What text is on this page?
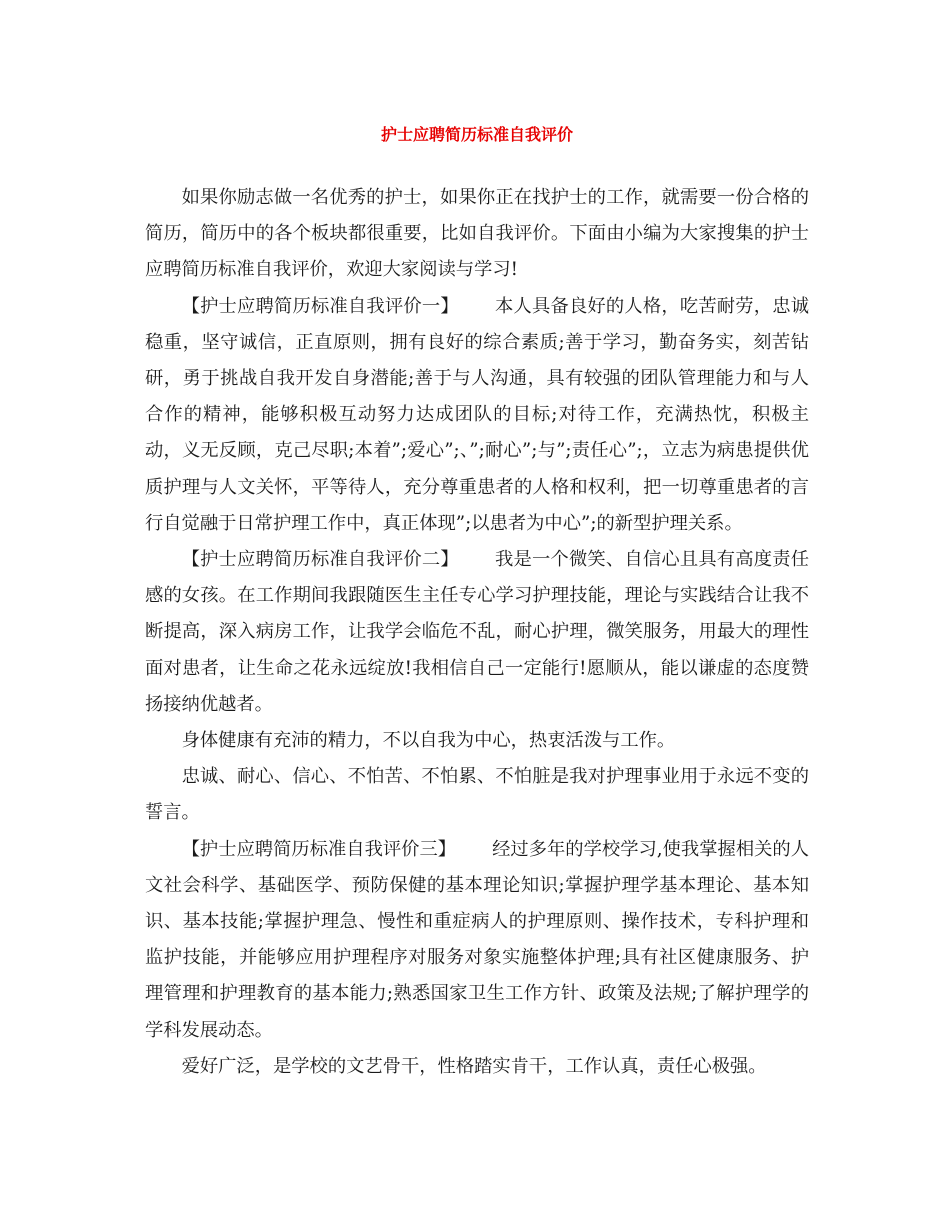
护士应聘简历标准自我评价

如果你励志做一名优秀的护士，如果你正在找护士的工作，就需要一份合格的简历，简历中的各个板块都很重要，比如自我评价。下面由小编为大家搜集的护士应聘简历标准自我评价，欢迎大家阅读与学习!

【护士应聘简历标准自我评价一】 本人具备良好的人格，吃苦耐劳，忠诚稳重，坚守诚信，正直原则，拥有良好的综合素质;善于学习，勤奋务实，刻苦钻研，勇于挑战自我开发自身潜能;善于与人沟通，具有较强的团队管理能力和与人合作的精神，能够积极互动努力达成团队的目标;对待工作，充满热忱，积极主动，义无反顾，克己尽职;本着”;爱心”;、”;耐心”;与”;责任心”;，立志为病患提供优质护理与人文关怀，平等待人，充分尊重患者的人格和权利，把一切尊重患者的言行自觉融于日常护理工作中，真正体现”;以患者为中心”;的新型护理关系。

【护士应聘简历标准自我评价二】 我是一个微笑、自信心且具有高度责任感的女孩。在工作期间我跟随医生主任专心学习护理技能，理论与实践结合让我不断提高，深入病房工作，让我学会临危不乱，耐心护理，微笑服务，用最大的理性面对患者，让生命之花永远绽放!我相信自己一定能行!愿顺从，能以谦虚的态度赞扬接纳优越者。

身体健康有充沛的精力，不以自我为中心，热衷活泼与工作。

忠诚、耐心、信心、不怕苦、不怕累、不怕脏是我对护理事业用于永远不变的誓言。

【护士应聘简历标准自我评价三】 经过多年的学校学习,使我掌握相关的人文社会科学、基础医学、预防保健的基本理论知识;掌握护理学基本理论、基本知识、基本技能;掌握护理急、慢性和重症病人的护理原则、操作技术，专科护理和监护技能，并能够应用护理程序对服务对象实施整体护理;具有社区健康服务、护理管理和护理教育的基本能力;熟悉国家卫生工作方针、政策及法规;了解护理学的学科发展动态。

爱好广泛，是学校的文艺骨干，性格踏实肯干，工作认真，责任心极强。
